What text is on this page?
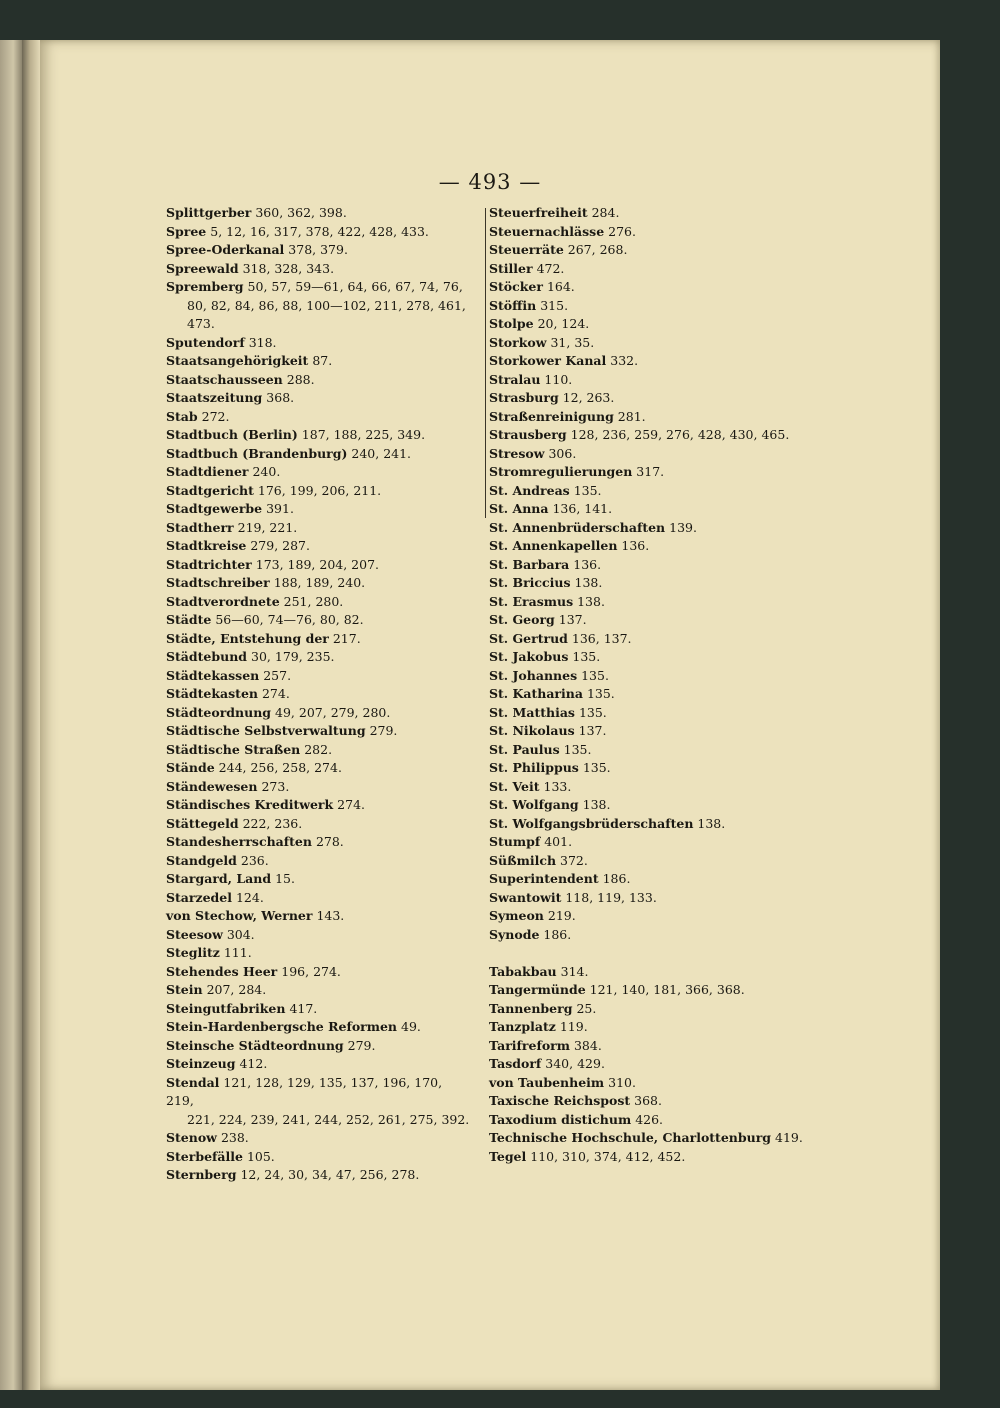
— 493 —
Splittgerber 360, 362, 398.
Spree 5, 12, 16, 317, 378, 422, 428, 433.
Spree-Oderkanal 378, 379.
Spreewald 318, 328, 343.
Spremberg 50, 57, 59—61, 64, 66, 67, 74, 76,
80, 82, 84, 86, 88, 100—102, 211, 278, 461,
473.
Sputendorf 318.
Staatsangehörigkeit 87.
Staatschausseen 288.
Staatszeitung 368.
Stab 272.
Stadtbuch (Berlin) 187, 188, 225, 349.
Stadtbuch (Brandenburg) 240, 241.
Stadtdiener 240.
Stadtgericht 176, 199, 206, 211.
Stadtgewerbe 391.
Stadtherr 219, 221.
Stadtkreise 279, 287.
Stadtrichter 173, 189, 204, 207.
Stadtschreiber 188, 189, 240.
Stadtverordnete 251, 280.
Städte 56—60, 74—76, 80, 82.
Städte, Entstehung der 217.
Städtebund 30, 179, 235.
Städtekassen 257.
Städtekasten 274.
Städteordnung 49, 207, 279, 280.
Städtische Selbstverwaltung 279.
Städtische Straßen 282.
Stände 244, 256, 258, 274.
Ständewesen 273.
Ständisches Kreditwerk 274.
Stättegeld 222, 236.
Standesherrschaften 278.
Standgeld 236.
Stargard, Land 15.
Starzedel 124.
von Stechow, Werner 143.
Steesow 304.
Steglitz 111.
Stehendes Heer 196, 274.
Stein 207, 284.
Steingutfabriken 417.
Stein-Hardenbergsche Reformen 49.
Steinsche Städteordnung 279.
Steinzeug 412.
Stendal 121, 128, 129, 135, 137, 196, 170, 219,
221, 224, 239, 241, 244, 252, 261, 275, 392.
Stenow 238.
Sterbefälle 105.
Sternberg 12, 24, 30, 34, 47, 256, 278.
Steuerfreiheit 284.
Steuernachlässe 276.
Steuerräte 267, 268.
Stiller 472.
Stöcker 164.
Stöffin 315.
Stolpe 20, 124.
Storkow 31, 35.
Storkower Kanal 332.
Stralau 110.
Strasburg 12, 263.
Straßenreinigung 281.
Strausberg 128, 236, 259, 276, 428, 430, 465.
Stresow 306.
Stromregulierungen 317.
St. Andreas 135.
St. Anna 136, 141.
St. Annenbrüderschaften 139.
St. Annenkapellen 136.
St. Barbara 136.
St. Briccius 138.
St. Erasmus 138.
St. Georg 137.
St. Gertrud 136, 137.
St. Jakobus 135.
St. Johannes 135.
St. Katharina 135.
St. Matthias 135.
St. Nikolaus 137.
St. Paulus 135.
St. Philippus 135.
St. Veit 133.
St. Wolfgang 138.
St. Wolfgangsbrüderschaften 138.
Stumpf 401.
Süßmilch 372.
Superintendent 186.
Swantowit 118, 119, 133.
Symeon 219.
Synode 186.
Tabakbau 314.
Tangermünde 121, 140, 181, 366, 368.
Tannenberg 25.
Tanzplatz 119.
Tarifreform 384.
Tasdorf 340, 429.
von Taubenheim 310.
Taxische Reichspost 368.
Taxodium distichum 426.
Technische Hochschule, Charlottenburg 419.
Tegel 110, 310, 374, 412, 452.
